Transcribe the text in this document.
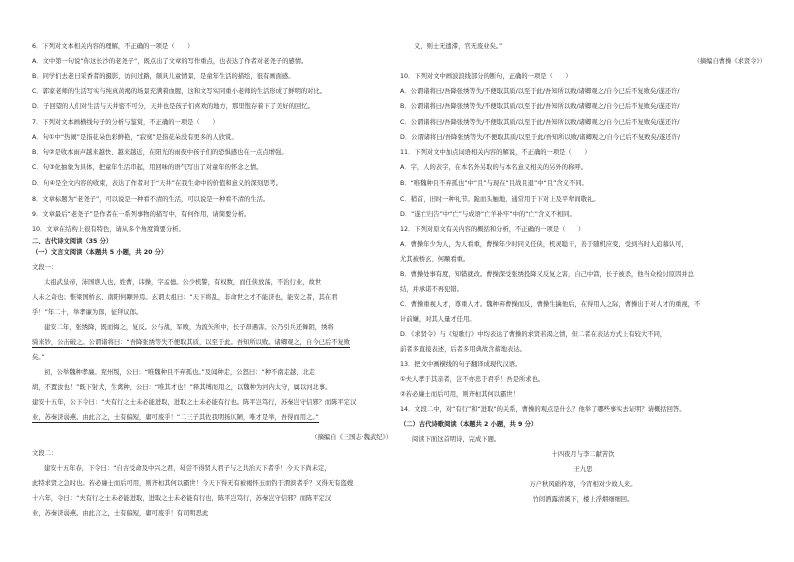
6．下列对文本相关内容的理解，不正确的一项是（　　）
A．文中第一句说“你这长沙的老尧子”，既点出了文章的写作重点，也表达了作者对老尧子的感情。
B．同学们去老曰采香者的摄影，访问过路，颇具儿童情景，是童年生活的描绘，很有画面感。
C．郭家老师的生活写实与纯真黄褐的场景充满着血腥，这和文写实同重小老师的生活形成了鲜明的对比。
D．子回望的人们对生活与天井密不可分，天井也是孩子们喜欢的地方，那里饱存着下了美好的回忆。
7．下列对文本画横线句子的分析与鉴赏，不正确的一项是（　　）
A．句①中“热闹”是指花朵色彩鲜艳，“寂寞”是指花朵没有更多的人欣赏。
B．句②是收本雨声越来越快、越来越近，在阳光的雨夜中孩子们的恐惧感也在一点点增强。
C．句③化抽象为具体，把童年生活串起，用回味的语气写出了对童年的怀念之情。
D．句④是全文内容的收束，表达了作者对于“天井”在我生命中的价值和意义的深刻思考。
8．文章标题为“老尧子”，可以说是一种看不清的生活，可以说是一种看不清的生活。
9．文章最后“老尧子”是作者在一系列事物的描写中，有何作用，请简要分析。
10．文章在结构上很有特色，请从多个角度简要分析。
二、古代诗文阅读（35 分）
（一）文言文阅读（本题共 5 小题，共 20 分）
文段一：
太祖武皇帝，沛国谯人也，姓曹，讳操，字孟德。公少机警，有权数，而任侠放荡，不治行业，故世
人未之奇也；惟梁国桥玄、南阳何颙异焉。玄谓太祖曰：“天下将乱，非命世之才不能济也，能安之者，其在君
乎！”年二十，举孝廉为郎，征拜议郎。
建安二年，张绣降，既而悔之，复反。公与战，军败，为流矢所中，长子昂遇害。公乃引兵还舞阴，绣将
骑来钞，公击破之。公谓诸将曰：“吾降张绣等失不便取其质，以至于此。吾知所以败。诸卿观之，自今已后不复败
矣。”
初，公举魏种孝廉。兖州叛，公曰：“唯魏种且不弃孤也。”及闻种走，公怒曰：“种不南走越、北走
胡，不置汝也！”既下射犬，生禽种，公曰：“唯其才也！”释其缚而用之，以魏种为河内太守，属以河北事。
建安十五年，公下令曰：“夫有行之士未必能进取，进取之士未必能有行也。陈平岂笃行，苏秦岂守信邪？而陈平定汉
业，苏秦济弱燕。由此言之，士有偏短，庸可废乎！“二三子其佐我明扬仄陋，唯才是举，吾得而用之。”
（摘编自《三国志·魏武纪》）
文段二：
建安十五年春，下令曰：“自古受命及中兴之君，曷尝不得贤人君子与之共治天下者乎！今天下尚未定，
此特求贤之急时也。若必廉士而后可用，则齐桓其何以霸世！今天下得无有被褐怀玉而钓于渭滨者乎？又得无有盗嫂
十六年，令曰：“夫有行之士未必能进取，进取之士未必能有行也，陈平岂笃行，苏秦岂守信邪？而陈平定汉
业，苏秦济弱燕。由此言之，士有偏短，庸可废乎！有司明思此
义，则士无遗滞，官无废业矣。”
（摘编自曹操《求贤令》）
10．下列对文中画波浪线部分的断句，正确的一项是（　　）
A．公谓诸将曰/吾降张绣等失/不便取其质/以至于此/吾知所以败/诸卿观之/自今已后不复败矣/遂还许/
B．公谓诸将曰/吾降张绣等失/不便取其质/以至于此/吾知所以败/诸卿观之/自今已后不复败矣/遂还许/
C．公谓诸将曰/吾降张绣等失/不便取其质/以至于此/吾知所以败/诸卿观之/自今已后不复败矣/遂还许/
D．公谓诸将曰/吾降张绣等失/不便取其质/以至于此/吾知所以败/诸卿观之/自今已后不复败矣/遂还许/
11．下列对文中加点词语相关内容的解说，不正确的一项是（　　）
A．字，人的表字，在本名外另取的与本名意义相关的另外的称呼。
B．“唯魏种且不弃孤也”中“且”与现在“且战且退”中“且”含义不同。
C．稍首，旧时一种礼节。跪而头触地，通常用于下对上及平辈间敬礼。
D．“遂亡归告”中“亡”与成语“亡羊补牢”中的“亡”含义不相同。
12．下列对原文有关内容的概括和分析，不正确的一项是（　　）
A．曹操年少为人，为人看重，曹操年少时同义任侠，机灵聪干，善于随机应变，受到当时人追慕认可，
尤其被桥玄、何颙看重。
B．曹操处事有度，知错就改。曹操深受张绣投降又反复之害，自己中箭，长子被杀，他当众检讨原因并总
结，并承诺不再犯错。
C．曹操重视人才，尊重人才。魏种弃曹操而反，曹操生擒他后，在得用人之际，曹操出于对人才的重视，不
计前嫌，对其人量才任用。
D．《求贤令》与《短歌行》中均表达了曹操的求贤若渴之情，但二者在表达方式上有较大不同，
前者多直接表述，后者多用典故含蓄地表达。
13．把文中画横线的句子翻译成现代汉语。
①夫人孝于其亲者，岂不亦忠于君乎！吾是所求也。
②若必廉士而后可用，则齐桓其何以霸世！
14．文段二中，对“有行”和“进取”的关系，曹操的观点是什么？他举了哪些事实去证明？请概括回答。
（二）古代诗歌阅读（本题共 2 小题，共 9 分）
阅读下面这首明诗，完成下题。
十四夜月与李二献苦饮
王九思
万户秋风础杵寒，今宵相对少故人来。
竹间洒露清溪下，楼上浮烟细细回。
